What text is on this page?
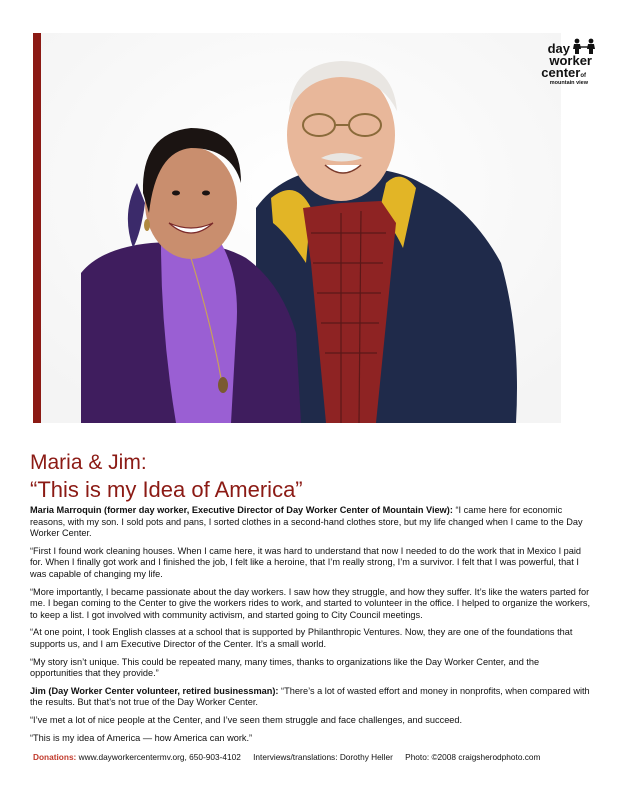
day
worker
centerof
mountain view
Maria & Jim:
“This is my Idea of America”

Maria Marroquin (former day worker, Executive Director of Day Worker Center of Mountain View): “I came here for economic reasons, with my son. I sold pots and pans, I sorted clothes in a second-hand clothes store, but my life changed when I came to the Day Worker Center.

“First I found work cleaning houses. When I came here, it was hard to understand that now I needed to do the work that in Mexico I paid for. When I finally got work and I finished the job, I felt like a heroine, that I’m really strong, I’m a survivor. I felt that I was powerful, that I was capable of changing my life.

“More importantly, I became passionate about the day workers. I saw how they struggle, and how they suffer. It’s like the waters parted for me. I began coming to the Center to give the workers rides to work, and started to volunteer in the office. I helped to organize the workers, to keep a list. I got involved with community activism, and started going to City Council meetings.

“At one point, I took English classes at a school that is supported by Philanthropic Ventures. Now, they are one of the foundations that supports us, and I am Executive Director of the Center. It’s a small world.

“My story isn’t unique. This could be repeated many, many times, thanks to organizations like the Day Worker Center, and the opportunities that they provide.”

Jim (Day Worker Center volunteer, retired businessman): “There’s a lot of wasted effort and money in nonprofits, when compared with the results. But that’s not true of the Day Worker Center.

“I’ve met a lot of nice people at the Center, and I’ve seen them struggle and face challenges, and succeed.

“This is my idea of America — how America can work.”

Donations: www.dayworkercentermv.org, 650-903-4102 Interviews/translations: Dorothy Heller Photo: ©2008 craigsherodphoto.com
